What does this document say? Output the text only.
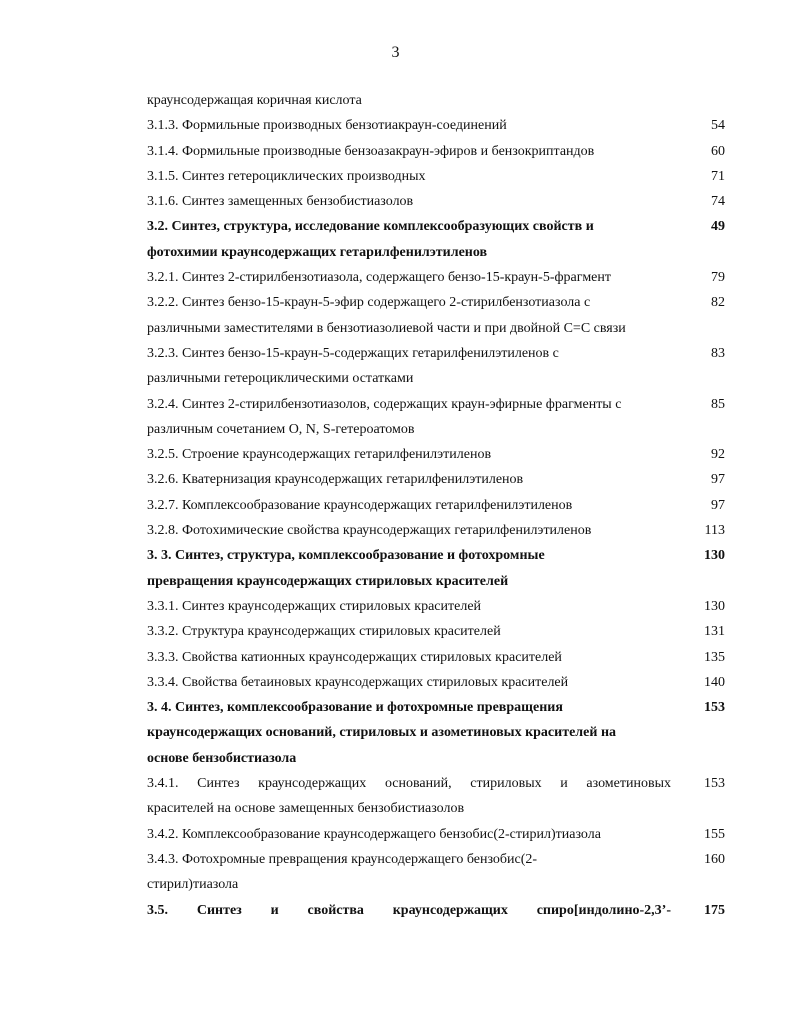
3
краунсодержащая коричная кислота
3.1.3. Формильные производных бензотиакраун-соединений	54
3.1.4. Формильные производные бензоазакраун-эфиров и бензокриптандов	60
3.1.5. Синтез гетероциклических производных	71
3.1.6. Синтез замещенных бензобистиазолов	74
3.2. Синтез, структура, исследование комплексообразующих свойств и	49
фотохимии краунсодержащих гетарилфенилэтиленов
3.2.1. Синтез 2-стирилбензотиазола, содержащего бензо-15-краун-5-фрагмент	79
3.2.2. Синтез бензо-15-краун-5-эфир содержащего 2-стирилбензотиазола с	82
различными заместителями в бензотиазолиевой части и при двойной С=С связи
3.2.3. Синтез бензо-15-краун-5-содержащих гетарилфенилэтиленов с	83
различными гетероциклическими остатками
3.2.4. Синтез 2-стирилбензотиазолов, содержащих краун-эфирные фрагменты с	85
различным сочетанием О, N, S-гетероатомов
3.2.5. Строение краунсодержащих гетарилфенилэтиленов	92
3.2.6. Кватернизация краунсодержащих гетарилфенилэтиленов	97
3.2.7. Комплексообразование краунсодержащих гетарилфенилэтиленов	97
3.2.8. Фотохимические свойства краунсодержащих гетарилфенилэтиленов	113
3. 3. Синтез, структура, комплексообразование и фотохромные	130
превращения краунсодержащих стириловых красителей
3.3.1. Синтез краунсодержащих стириловых красителей	130
3.3.2. Структура краунсодержащих стириловых красителей	131
3.3.3. Свойства катионных краунсодержащих стириловых красителей	135
3.3.4. Свойства бетаиновых краунсодержащих стириловых красителей	140
3. 4. Синтез, комплексообразование и фотохромные превращения	153
краунсодержащих оснований, стириловых и азометиновых красителей на
основе бензобистиазола
3.4.1. Синтез краунсодержащих оснований, стириловых и азометиновых	153
красителей на основе замещенных бензобистиазолов
3.4.2. Комплексообразование краунсодержащего бензобис(2-стирил)тиазола	155
3.4.3. Фотохромные превращения краунсодержащего бензобис(2-	160
стирил)тиазола
3.5. Синтез и свойства краунсодержащих спиро[индолино-2,3’-	175
